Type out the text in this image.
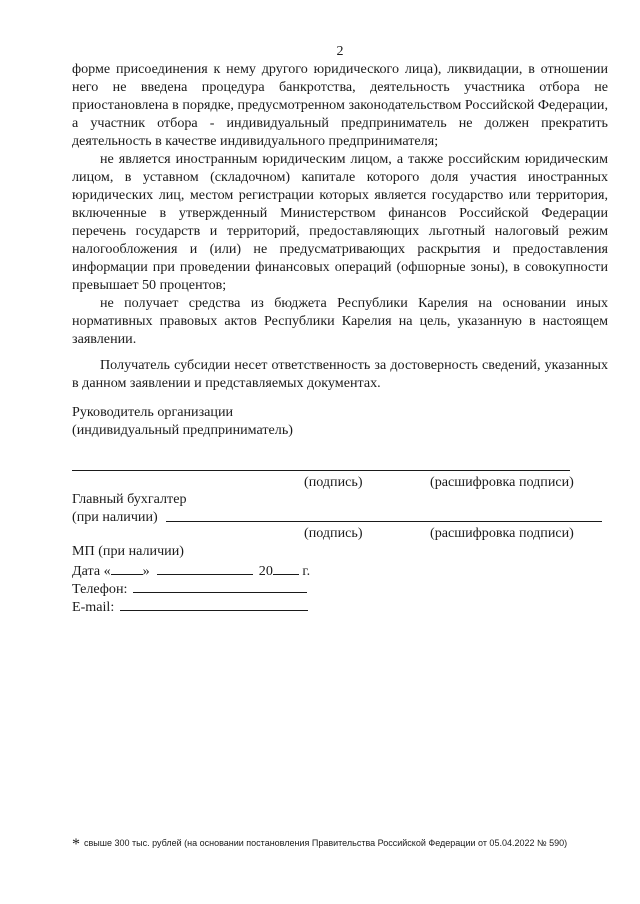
2

форме присоединения к нему другого юридического лица), ликвидации, в отношении него не введена процедура банкротства, деятельность участника отбора не приостановлена в порядке, предусмотренном законодательством Российской Федерации, а участник отбора - индивидуальный предприниматель не должен прекратить деятельность в качестве индивидуального предпринимателя;

не является иностранным юридическим лицом, а также российским юридическим лицом, в уставном (складочном) капитале которого доля участия иностранных юридических лиц, местом регистрации которых является государство или территория, включенные в утвержденный Министерством финансов Российской Федерации перечень государств и территорий, предоставляющих льготный налоговый режим налогообложения и (или) не предусматривающих раскрытия и предоставления информации при проведении финансовых операций (офшорные зоны), в совокупности превышает 50 процентов;

не получает средства из бюджета Республики Карелия на основании иных нормативных правовых актов Республики Карелия на цель, указанную в настоящем заявлении.

Получатель субсидии несет ответственность за достоверность сведений, указанных в данном заявлении и представляемых документах.

Руководитель организации
(индивидуальный предприниматель)
(подпись)	(расшифровка подписи)
Главный бухгалтер
(при наличии)
(подпись)	(расшифровка подписи)
МП (при наличии)
Дата « »	20 г.
Телефон:
E-mail:
* свыше 300 тыс. рублей (на основании постановления Правительства Российской Федерации от 05.04.2022 № 590)
